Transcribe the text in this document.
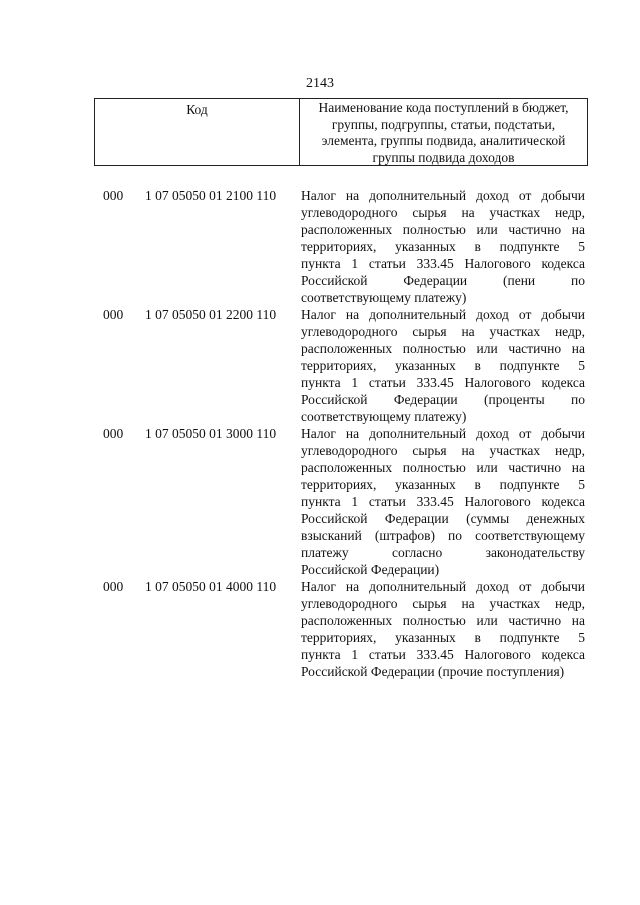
2143
Код	Наименование кода поступлений в бюджет, группы, подгруппы, статьи, подстатьи, элемента, группы подвида, аналитической группы подвида доходов
000 1 07 05050 01 2100 110 Налог на дополнительный доход от добычи
углеводородного сырья на участках недр,
расположенных полностью или частично на
территориях, указанных в подпункте 5
пункта 1 статьи 333.45 Налогового кодекса
Российской Федерации (пени по
соответствующему платежу)
000 1 07 05050 01 2200 110 Налог на дополнительный доход от добычи
углеводородного сырья на участках недр,
расположенных полностью или частично на
территориях, указанных в подпункте 5
пункта 1 статьи 333.45 Налогового кодекса
Российской Федерации (проценты по
соответствующему платежу)
000 1 07 05050 01 3000 110 Налог на дополнительный доход от добычи
углеводородного сырья на участках недр,
расположенных полностью или частично на
территориях, указанных в подпункте 5
пункта 1 статьи 333.45 Налогового кодекса
Российской Федерации (суммы денежных
взысканий (штрафов) по соответствующему
платежу согласно законодательству
Российской Федерации)
000 1 07 05050 01 4000 110 Налог на дополнительный доход от добычи
углеводородного сырья на участках недр,
расположенных полностью или частично на
территориях, указанных в подпункте 5
пункта 1 статьи 333.45 Налогового кодекса
Российской Федерации (прочие поступления)
